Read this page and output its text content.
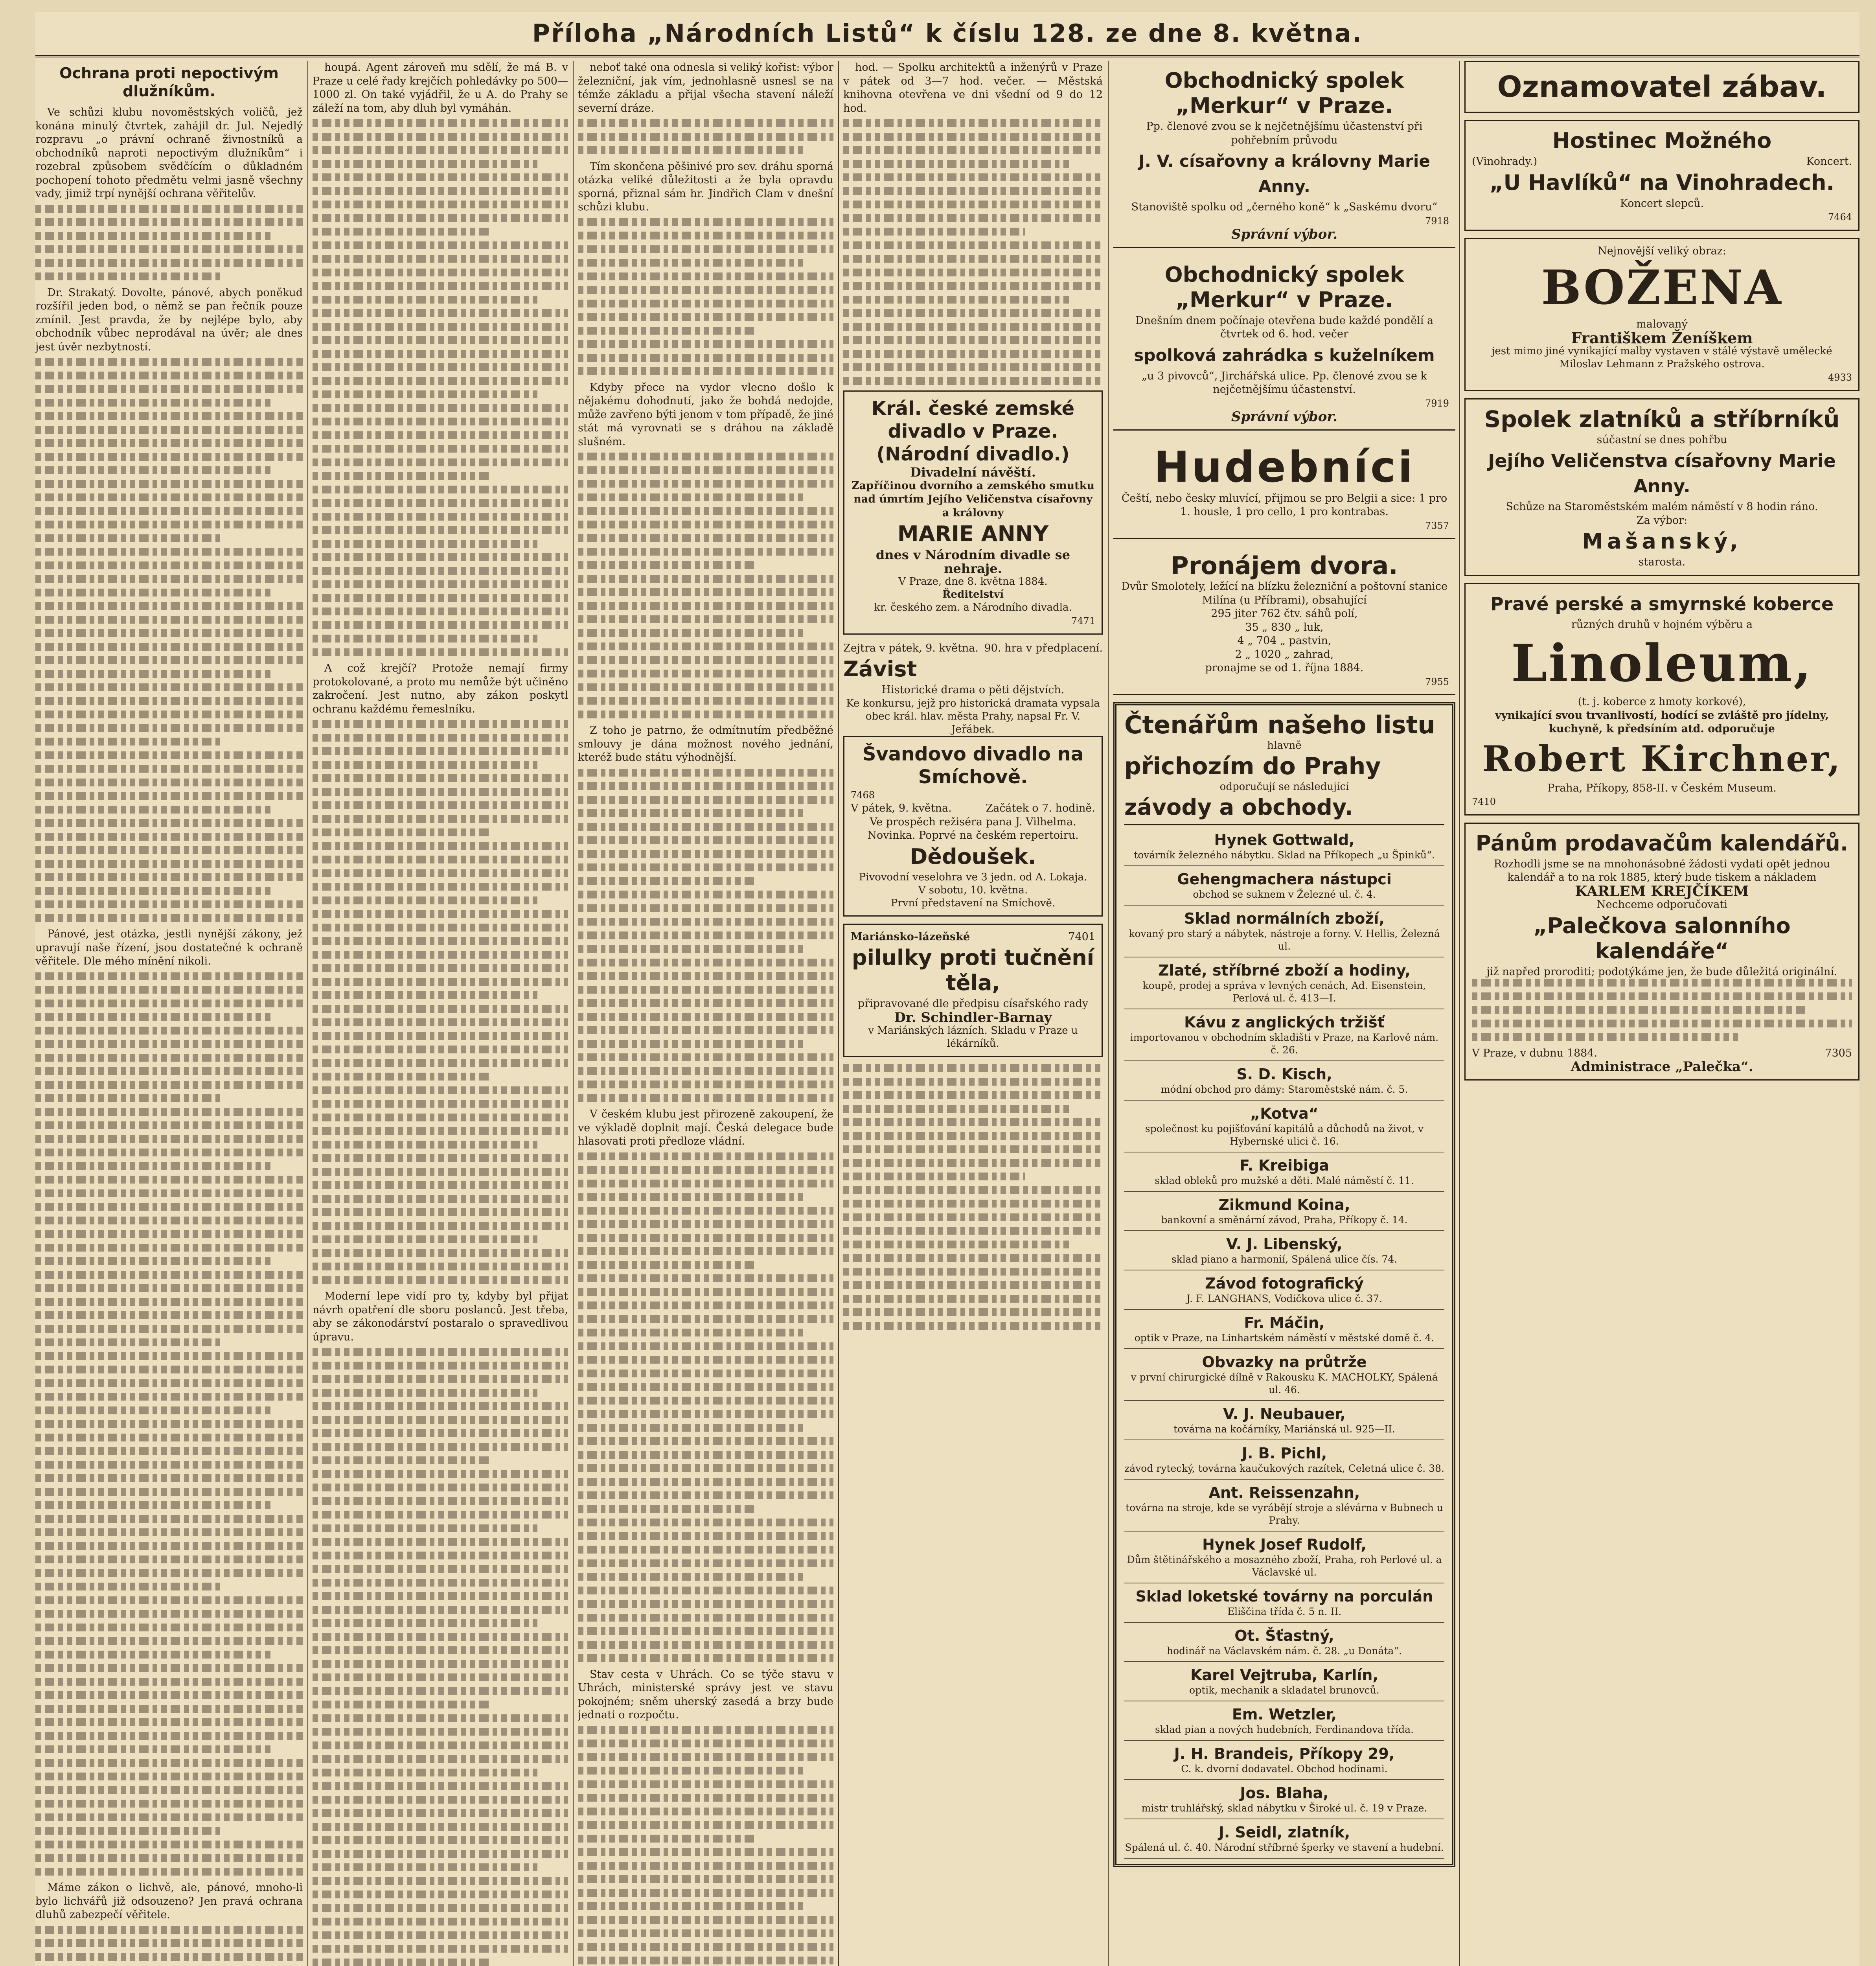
Příloha „Národních Listů“ k číslu 128. ze dne 8. května.
Ochrana proti nepoctivým dlužníkům.

Ve schůzi klubu novoměstských voličů, jež konána minulý čtvrtek, zahájil dr. Jul. Nejedlý rozpravu „o právní ochraně živnostníků a obchodníků naproti nepoctivým dlužníkům“ i rozebral způsobem svědčícím o důkladném pochopení tohoto předmětu velmi jasně všechny vady, jimiž trpí nynější ochrana věřitelův.

Dr. Strakatý. Dovolte, pánové, abych poněkud rozšířil jeden bod, o němž se pan řečník pouze zmínil. Jest pravda, že by nejlépe bylo, aby obchodník vůbec neprodával na úvěr; ale dnes jest úvěr nezbytností.

Pánové, jest otázka, jestli nynější zákony, jež upravují naše řízení, jsou dostatečné k ochraně věřitele. Dle mého mínění nikoli.

Máme zákon o lichvě, ale, pánové, mnoho-li bylo lichvářů již odsouzeno? Jen pravá ochrana dluhů zabezpečí věřitele.

houpá. Agent zároveň mu sdělí, že má B. v Praze u celé řady krejčích pohledávky po 500—1000 zl. On také vyjádřil, že u A. do Prahy se záleží na tom, aby dluh byl vymáhán.

A což krejčí? Protože nemají firmy protokolované, a proto mu nemůže být učiněno zakročení. Jest nutno, aby zákon poskytl ochranu každému řemeslníku.

Moderní lepe vidí pro ty, kdyby byl přijat návrh opatření dle sboru poslanců. Jest třeba, aby se zákonodárství postaralo o spravedlivou úpravu.

neboť také ona odnesla si veliký kořist: výbor železniční, jak vím, jednohlasně usnesl se na témže základu a přijal všecha stavení náleží severní dráze.

Tím skončena pěšinivé pro sev. dráhu sporná otázka veliké důležitosti a že byla opravdu sporná, přiznal sám hr. Jindřich Clam v dnešní schůzi klubu.

Kdyby přece na vydor vlecno došlo k nějakému dohodnutí, jako že bohdá nedojde, může zavřeno býti jenom v tom případě, že jiné stát má vyrovnati se s dráhou na základě slušném.

Z toho je patrno, že odmítnutím předběžné smlouvy je dána možnost nového jednání, kteréž bude státu výhodnější.

V českém klubu jest přirozeně zakoupení, že ve výkladě doplnit mají. Česká delegace bude hlasovati proti předloze vládní.

Stav cesta v Uhrách. Co se týče stavu v Uhrách, ministerské správy jest ve stavu pokojném; sněm uherský zasedá a brzy bude jednati o rozpočtu.

hod. — Spolku architektů a inženýrů v Praze v pátek od 3—7 hod. večer. — Městská knihovna otevřena ve dni všední od 9 do 12 hod.

Král. české zemské divadlo v Praze. (Národní divadlo.)
Divadelní návěští.
Zapříčinou dvorního a zemského smutku nad úmrtím Jejího Veličenstva císařovny a královny
MARIE ANNY
dnes v Národním divadle se nehraje.
V Praze, dne 8. května 1884.
Ředitelství
kr. českého zem. a Národního divadla.
7471
Zejtra v pátek, 9. května. 90. hra v předplacení.
Závist
Historické drama o pěti dějstvích.
Ke konkursu, jejž pro historická dramata vypsala obec král. hlav. města Prahy, napsal Fr. V. Jeřábek.
Švandovo divadlo na Smíchově.
7468
V pátek, 9. května.	Začátek o 7. hodině.
Ve prospěch režiséra pana J. Vilhelma.
Novinka. Poprvé na českém repertoiru.
Dědoušek.
Pivovodní veselohra ve 3 jedn. od A. Lokaja.
V sobotu, 10. května.
První představení na Smíchově.
Mariánsko-lázeňské	7401
pilulky proti tučnění těla,
připravované dle předpisu císařského rady
Dr. Schindler-Barnay
v Mariánských lázních. Skladu v Praze u lékárníků.
Obchodnický spolek „Merkur“ v Praze.
Pp. členové zvou se k nejčetnějšímu účastenství při pohřebním průvodu
J. V. císařovny a královny Marie Anny.
Stanoviště spolku od „černého koně“ k „Saskému dvoru“
7918
Správní výbor.
Obchodnický spolek „Merkur“ v Praze.
Dnešním dnem počínaje otevřena bude každé pondělí a čtvrtek od 6. hod. večer
spolková zahrádka s kuželníkem
„u 3 pivovců“, Jirchářská ulice. Pp. členové zvou se k nejčetnějšímu účastenství.
7919
Správní výbor.
Hudebníci
Čeští, nebo česky mluvící, přijmou se pro Belgii a sice: 1 pro 1. housle, 1 pro cello, 1 pro kontrabas.
7357
Pronájem dvora.
Dvůr Smolotely, ležící na blízku železniční a poštovní stanice Milína (u Příbrami), obsahující
295 jiter 762 čtv. sáhů polí,
35 „ 830 „ luk,
4 „ 704 „ pastvin,
2 „ 1020 „ zahrad,
pronajme se od 1. října 1884.
7955
Čtenářům našeho listu
hlavně
přichozím do Prahy
odporučují se následující
závody a obchody.
Hynek Gottwald,
továrník železného nábytku. Sklad na Příkopech „u Špinků“.
Gehengmachera nástupci
obchod se suknem v Železné ul. č. 4.
Sklad normálních zboží,
kovaný pro starý a nábytek, nástroje a forny. V. Hellis, Železná ul.
Zlaté, stříbrné zboží a hodiny,
koupě, prodej a správa v levných cenách, Ad. Eisenstein, Perlová ul. č. 413—I.
Kávu z anglických tržišť
importovanou v obchodním skladišti v Praze, na Karlově nám. č. 26.
S. D. Kisch,
módní obchod pro dámy: Staroměstské nám. č. 5.
„Kotva“
společnost ku pojišťování kapitálů a důchodů na život, v Hybernské ulici č. 16.
F. Kreibiga
sklad obleků pro mužské a děti. Malé náměstí č. 11.
Zikmund Koina,
bankovní a směnární závod, Praha, Příkopy č. 14.
V. J. Libenský,
sklad piano a harmonií, Spálená ulice čís. 74.
Závod fotografický
J. F. LANGHANS, Vodičkova ulice č. 37.
Fr. Máčin,
optik v Praze, na Linhartském náměstí v městské domě č. 4.
Obvazky na průtrže
v první chirurgické dílně v Rakousku K. MACHOLKY, Spálená ul. 46.
V. J. Neubauer,
továrna na kočárníky, Mariánská ul. 925—II.
J. B. Pichl,
závod rytecký, továrna kaučukových razítek, Celetná ulice č. 38.
Ant. Reissenzahn,
továrna na stroje, kde se vyrábějí stroje a slévárna v Bubnech u Prahy.
Hynek Josef Rudolf,
Dům štětinářského a mosazného zboží, Praha, roh Perlové ul. a Václavské ul.
Sklad loketské továrny na porculán
Eliščina třída č. 5 n. II.
Ot. Šťastný,
hodinář na Václavském nám. č. 28. „u Donáta“.
Karel Vejtruba, Karlín,
optik, mechanik a skladatel brunovců.
Em. Wetzler,
sklad pian a nových hudebních, Ferdinandova třída.
J. H. Brandeis, Příkopy 29,
C. k. dvorní dodavatel. Obchod hodinami.
Jos. Blaha,
mistr truhlářský, sklad nábytku v Široké ul. č. 19 v Praze.
J. Seidl, zlatník,
Spálená ul. č. 40. Národní stříbrné šperky ve stavení a hudební.
Oznamovatel zábav.
Hostinec Možného
(Vinohrady.)	Koncert.
„U Havlíků“ na Vinohradech.
Koncert slepců.
7464
Nejnovější veliký obraz:
BOŽENA
malovaný
Františkem Ženíškem
jest mimo jiné vynikající malby vystaven v stálé výstavě umělecké Miloslav Lehmann z Pražského ostrova.
4933
Spolek zlatníků a stříbrníků
súčastní se dnes pohřbu
Jejího Veličenstva císařovny Marie Anny.
Schůze na Staroměstském malém náměstí v 8 hodin ráno.
Za výbor:
Mašanský,
starosta.
Pravé perské a smyrnské koberce
různých druhů v hojném výběru a
Linoleum,
(t. j. koberce z hmoty korkové),
vynikající svou trvanlivostí, hodící se zvláště pro jídelny, kuchyně, k předsíním atd. odporučuje
Robert Kirchner,
Praha, Příkopy, 858-II. v Českém Museum.
7410
Pánům prodavačům kalendářů.
Rozhodli jsme se na mnohonásobné žádosti vydati opět jednou kalendář a to na rok 1885, který bude tiskem a nákladem
KARLEM KREJČÍKEM
Nechceme odporučovati
„Palečkova salonního kalendáře“
již napřed proroditi; podotýkáme jen, že bude důležitá originální.
V Praze, v dubnu 1884.	7305
Administrace „Palečka“.
